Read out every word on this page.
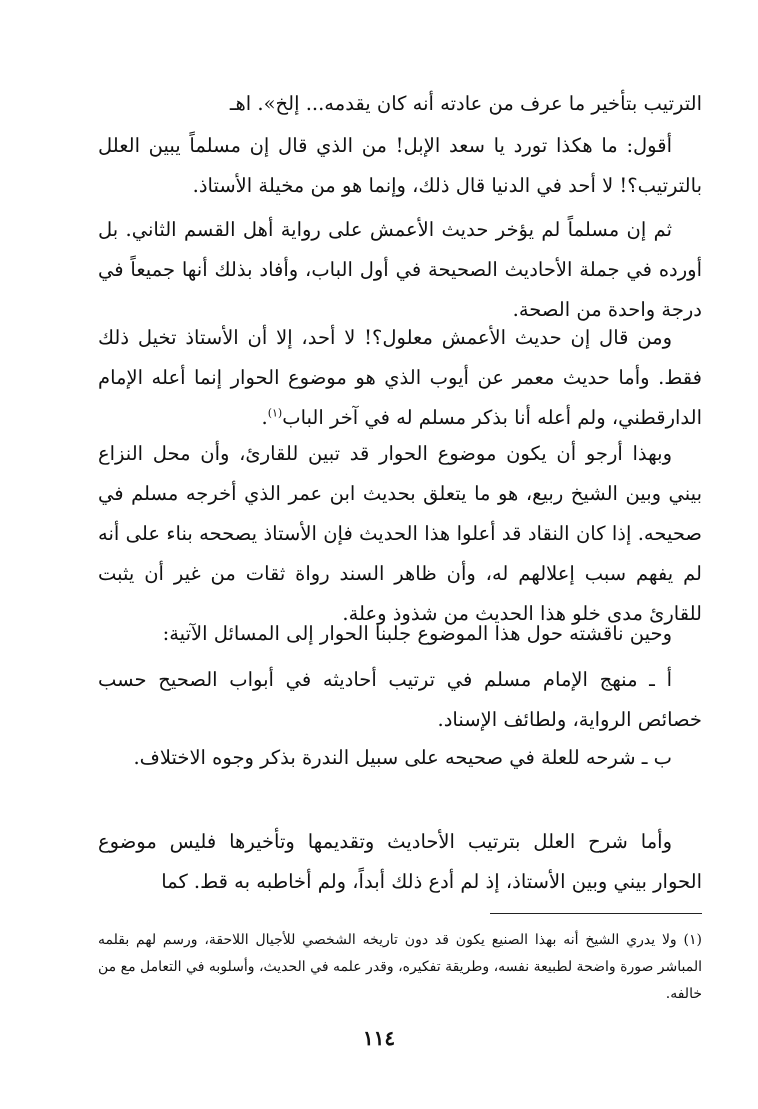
الترتيب بتأخير ما عرف من عادته أنه كان يقدمه... إلخ». اهـ

أقول: ما هكذا تورد يا سعد الإبل! من الذي قال إن مسلماً يبين العلل بالترتيب؟! لا أحد في الدنيا قال ذلك، وإنما هو من مخيلة الأستاذ.

ثم إن مسلماً لم يؤخر حديث الأعمش على رواية أهل القسم الثاني. بل أورده في جملة الأحاديث الصحيحة في أول الباب، وأفاد بذلك أنها جميعاً في درجة واحدة من الصحة.

ومن قال إن حديث الأعمش معلول؟! لا أحد، إلا أن الأستاذ تخيل ذلك فقط. وأما حديث معمر عن أيوب الذي هو موضوع الحوار إنما أعله الإمام الدارقطني، ولم أعله أنا بذكر مسلم له في آخر الباب$^{(١)}$.

وبهذا أرجو أن يكون موضوع الحوار قد تبين للقارئ، وأن محل النزاع بيني وبين الشيخ ربيع، هو ما يتعلق بحديث ابن عمر الذي أخرجه مسلم في صحيحه. إذا كان النقاد قد أعلوا هذا الحديث فإن الأستاذ يصححه بناء على أنه لم يفهم سبب إعلالهم له، وأن ظاهر السند رواة ثقات من غير أن يثبت للقارئ مدى خلو هذا الحديث من شذوذ وعلة.

وحين ناقشته حول هذا الموضوع جلبنا الحوار إلى المسائل الآتية:

أ ـ منهج الإمام مسلم في ترتيب أحاديثه في أبواب الصحيح حسب خصائص الرواية، ولطائف الإسناد.

ب ـ شرحه للعلة في صحيحه على سبيل الندرة بذكر وجوه الاختلاف.

وأما شرح العلل بترتيب الأحاديث وتقديمها وتأخيرها فليس موضوع الحوار بيني وبين الأستاذ، إذ لم أدع ذلك أبداً، ولم أخاطبه به قط. كما

(١) ولا يدري الشيخ أنه بهذا الصنيع يكون قد دون تاريخه الشخصي للأجيال اللاحقة، ورسم لهم بقلمه المباشر صورة واضحة لطبيعة نفسه، وطريقة تفكيره، وقدر علمه في الحديث، وأسلوبه في التعامل مع من خالفه.

١١٤
